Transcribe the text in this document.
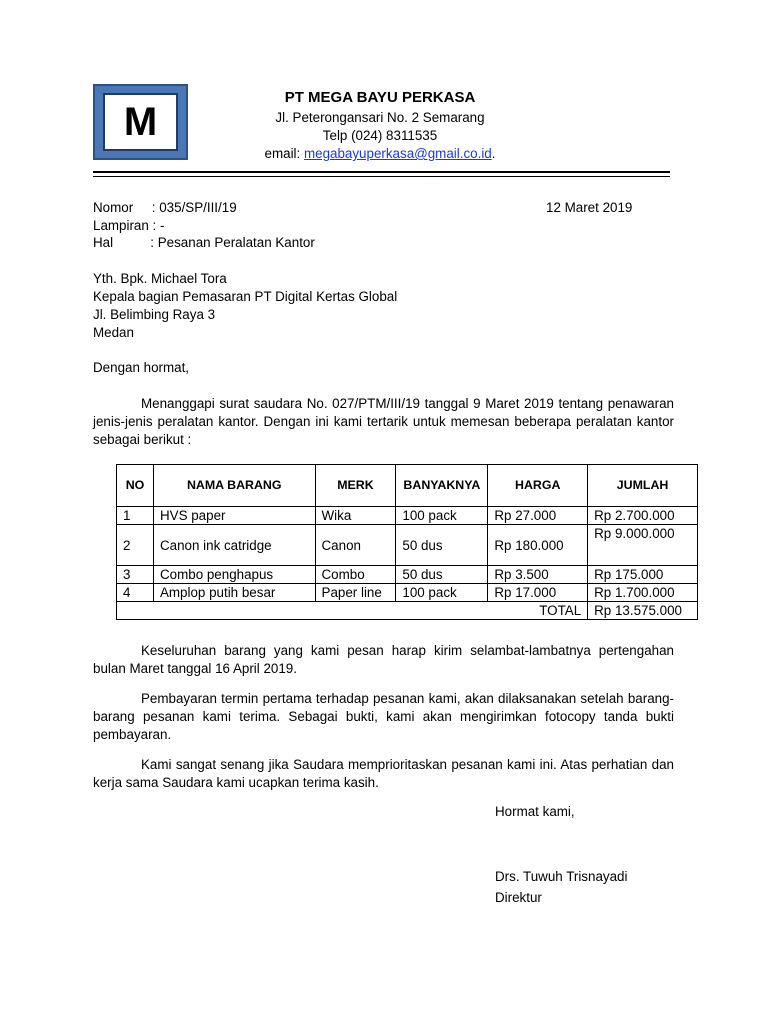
M
PT MEGA BAYU PERKASA
Jl. Peterongansari No. 2 Semarang
Telp (024) 8311535
email: megabayuperkasa@gmail.co.id.
Nomor     : 035/SP/III/19	12 Maret 2019
Lampiran : -
Hal          : Pesanan Peralatan Kantor
Yth. Bpk. Michael Tora
Kepala bagian Pemasaran PT Digital Kertas Global
Jl. Belimbing Raya 3
Medan
Dengan hormat,
Menanggapi surat saudara No. 027/PTM/III/19 tanggal 9 Maret 2019 tentang penawaran jenis-jenis peralatan kantor. Dengan ini kami tertarik untuk memesan beberapa peralatan kantor sebagai berikut :
NO	NAMA BARANG	MERK	BANYAKNYA	HARGA	JUMLAH
1	HVS paper	Wika	100 pack	Rp 27.000	Rp 2.700.000
2	Canon ink catridge	Canon	50 dus	Rp 180.000	Rp 9.000.000
3	Combo penghapus	Combo	50 dus	Rp 3.500	Rp 175.000
4	Amplop putih besar	Paper line	100 pack	Rp 17.000	Rp 1.700.000
TOTAL					Rp 13.575.000
Keseluruhan barang yang kami pesan harap kirim selambat-lambatnya pertengahan bulan Maret tanggal 16 April 2019.
Pembayaran termin pertama terhadap pesanan kami, akan dilaksanakan setelah barang-barang pesanan kami terima. Sebagai bukti, kami akan mengirimkan fotocopy tanda bukti pembayaran.
Kami sangat senang jika Saudara memprioritaskan pesanan kami ini. Atas perhatian dan kerja sama Saudara kami ucapkan terima kasih.
Hormat kami,
Drs. Tuwuh Trisnayadi
Direktur
